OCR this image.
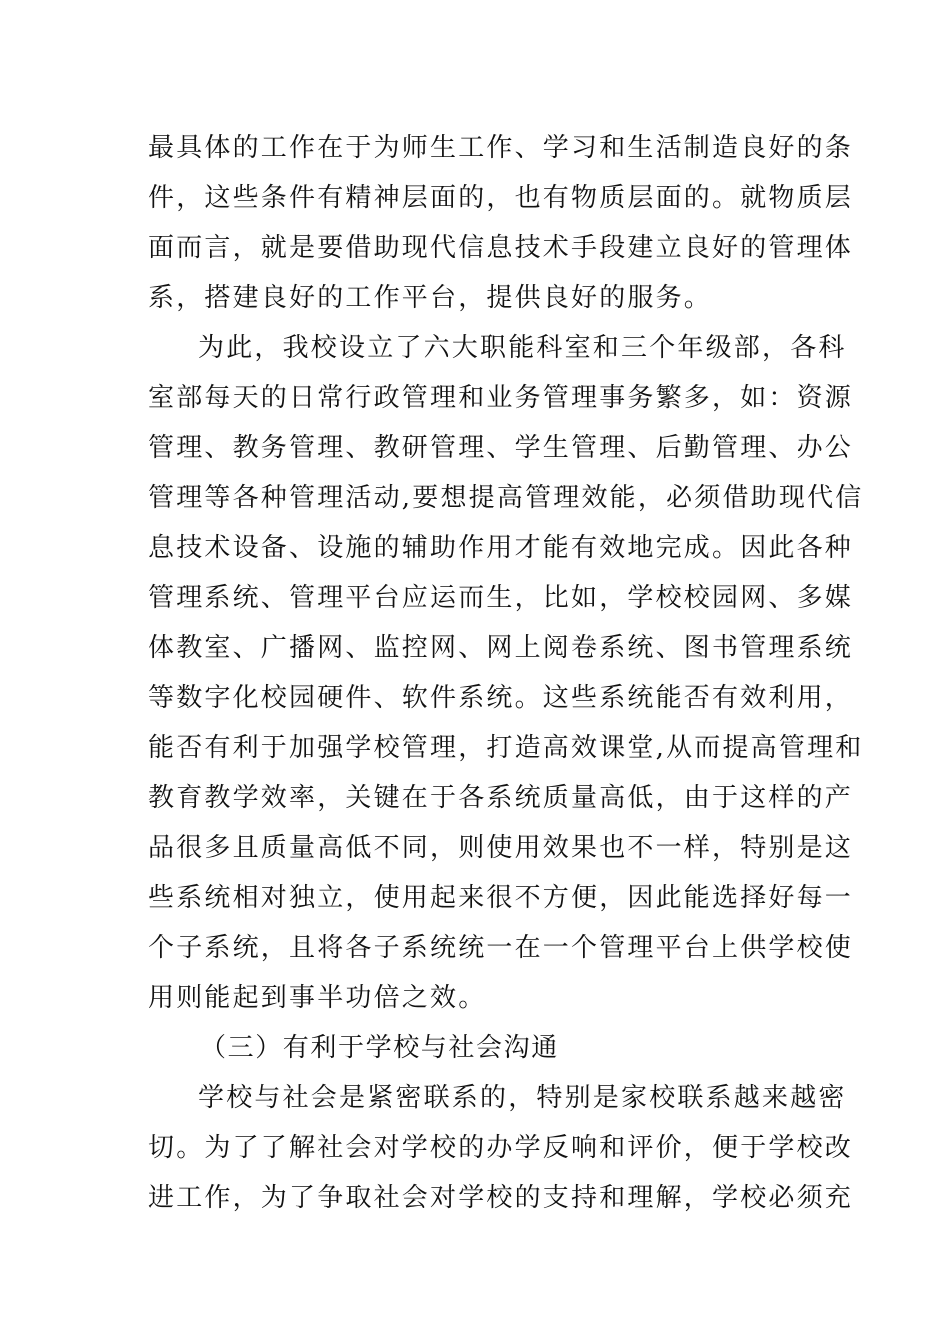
最具体的工作在于为师生工作、学习和生活制造良好的条
件，这些条件有精神层面的，也有物质层面的。就物质层
面而言，就是要借助现代信息技术手段建立良好的管理体
系，搭建良好的工作平台，提供良好的服务。
为此，我校设立了六大职能科室和三个年级部，各科
室部每天的日常行政管理和业务管理事务繁多，如：资源
管理、教务管理、教研管理、学生管理、后勤管理、办公
管理等各种管理活动,要想提高管理效能，必须借助现代信
息技术设备、设施的辅助作用才能有效地完成。因此各种
管理系统、管理平台应运而生，比如，学校校园网、多媒
体教室、广播网、监控网、网上阅卷系统、图书管理系统
等数字化校园硬件、软件系统。这些系统能否有效利用，
能否有利于加强学校管理，打造高效课堂,从而提高管理和
教育教学效率，关键在于各系统质量高低，由于这样的产
品很多且质量高低不同，则使用效果也不一样，特别是这
些系统相对独立，使用起来很不方便，因此能选择好每一
个子系统，且将各子系统统一在一个管理平台上供学校使
用则能起到事半功倍之效。
（三）有利于学校与社会沟通
学校与社会是紧密联系的，特别是家校联系越来越密
切。为了了解社会对学校的办学反响和评价，便于学校改
进工作，为了争取社会对学校的支持和理解，学校必须充
